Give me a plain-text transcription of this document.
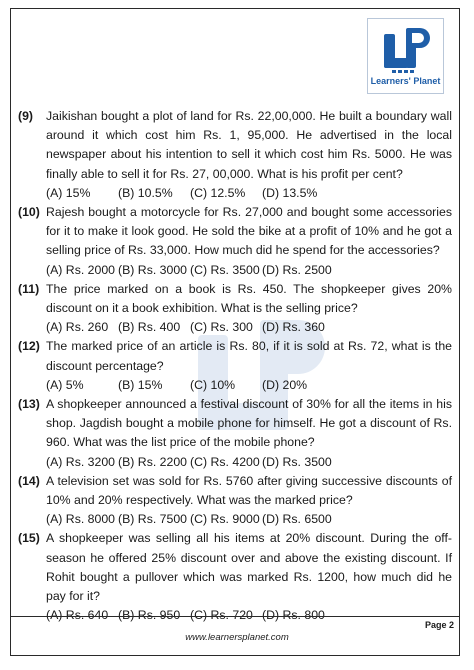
Learners' Planet
(9)	Jaikishan bought a plot of land for Rs. 22,00,000. He built a boundary wall around it which cost him Rs. 1, 95,000. He advertised in the local newspaper about his intention to sell it which cost him Rs. 5000. He was finally able to sell it for Rs. 27, 00,000. What is his profit per cent?
(A) 15%	(B) 10.5%	(C) 12.5%	(D) 13.5%
(10) Rajesh bought a motorcycle for Rs. 27,000 and bought some accessories for it to make it look good. He sold the bike at a profit of 10% and he got a selling price of Rs. 33,000. How much did he spend for the accessories?
(A) Rs. 2000 (B) Rs. 3000 (C) Rs. 3500 (D) Rs. 2500
(11) The price marked on a book is Rs. 450. The shopkeeper gives 20% discount on it a book exhibition. What is the selling price?
(A) Rs. 260 (B) Rs. 400 (C) Rs. 300 (D) Rs. 360
(12) The marked price of an article is Rs. 80, if it is sold at Rs. 72, what is the discount percentage?
(A) 5%	(B) 15%	(C) 10%	(D) 20%
(13) A shopkeeper announced a festival discount of 30% for all the items in his shop. Jagdish bought a mobile phone for himself. He got a discount of Rs. 960. What was the list price of the mobile phone?
(A) Rs. 3200 (B) Rs. 2200 (C) Rs. 4200 (D) Rs. 3500
(14) A television set was sold for Rs. 5760 after giving successive discounts of 10% and 20% respectively. What was the marked price?
(A) Rs. 8000 (B) Rs. 7500 (C) Rs. 9000 (D) Rs. 6500
(15) A shopkeeper was selling all his items at 20% discount. During the off-season he offered 25% discount over and above the existing discount. If Rohit bought a pullover which was marked Rs. 1200, how much did he pay for it?
(A) Rs. 640 (B) Rs. 950 (C) Rs. 720 (D) Rs. 800
Page 2
www.learnersplanet.com
